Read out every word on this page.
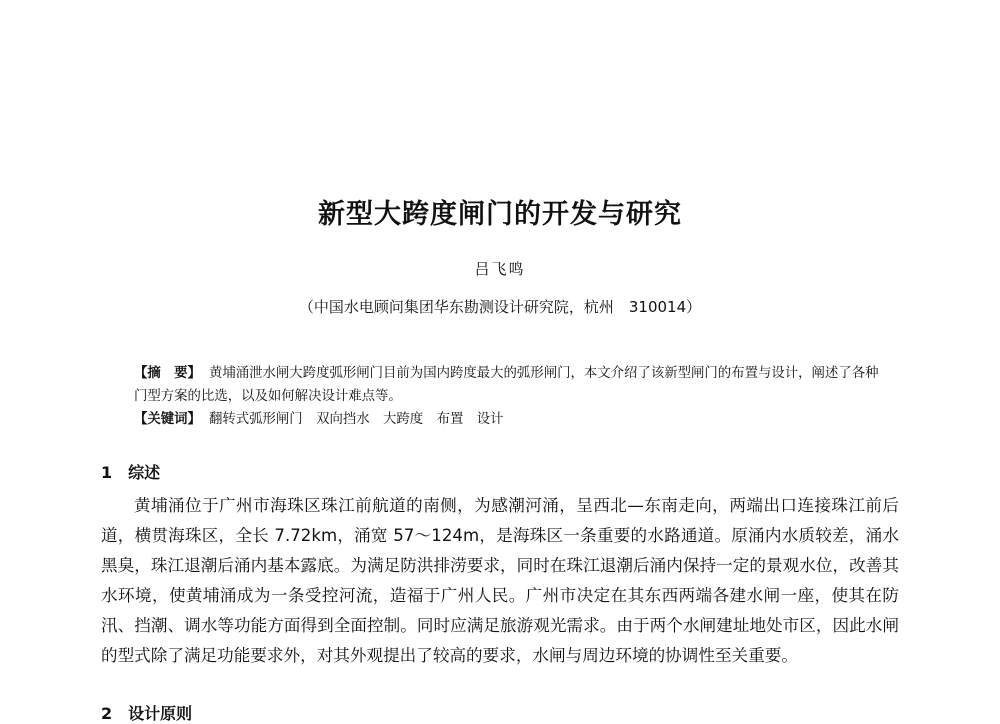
新型大跨度闸门的开发与研究
吕飞鸣
（中国水电顾问集团华东勘测设计研究院，杭州　310014）

【摘　要】 黄埔涌泄水闸大跨度弧形闸门目前为国内跨度最大的弧形闸门，本文介绍了该新型闸门的布置与设计，阐述了各种门型方案的比选，以及如何解决设计难点等。

【关键词】 翻转式弧形闸门　双向挡水　大跨度　布置　设计

1 综述
黄埔涌位于广州市海珠区珠江前航道的南侧，为感潮河涌，呈西北—东南走向，两端出口连接珠江前后道，横贯海珠区，全长 7.72km，涌宽 57～124m，是海珠区一条重要的水路通道。原涌内水质较差，涌水黑臭，珠江退潮后涌内基本露底。为满足防洪排涝要求，同时在珠江退潮后涌内保持一定的景观水位，改善其水环境，使黄埔涌成为一条受控河流，造福于广州人民。广州市决定在其东西两端各建水闸一座，使其在防汛、挡潮、调水等功能方面得到全面控制。同时应满足旅游观光需求。由于两个水闸建址地处市区，因此水闸的型式除了满足功能要求外，对其外观提出了较高的要求，水闸与周边环境的协调性至关重要。
2 设计原则
